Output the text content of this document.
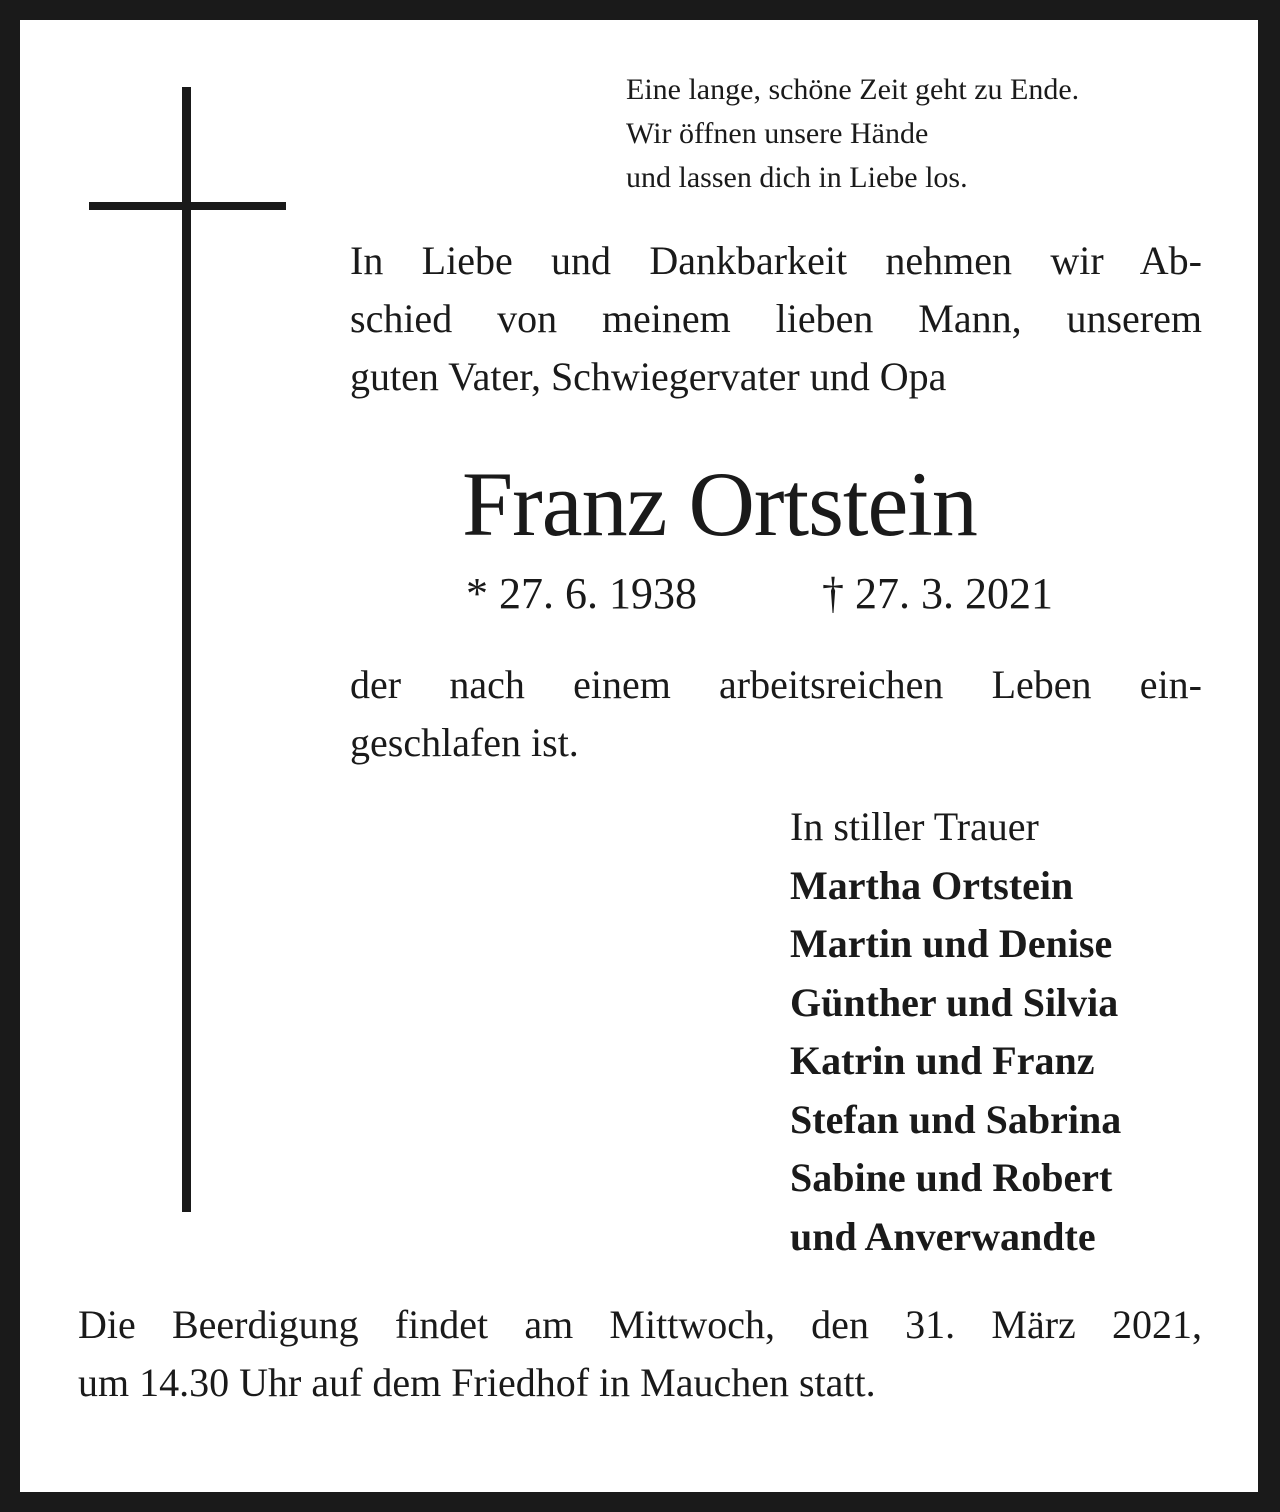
Eine lange, schöne Zeit geht zu Ende.
Wir öffnen unsere Hände
und lassen dich in Liebe los.
In Liebe und Dankbarkeit nehmen wir Ab-
schied von meinem lieben Mann, unserem
guten Vater, Schwiegervater und Opa
Franz Ortstein
* 27. 6. 1938	† 27. 3. 2021
der nach einem arbeitsreichen Leben ein-
geschlafen ist.
In stiller Trauer
Martha Ortstein
Martin und Denise
Günther und Silvia
Katrin und Franz
Stefan und Sabrina
Sabine und Robert
und Anverwandte
Die Beerdigung findet am Mittwoch, den 31. März 2021,
um 14.30 Uhr auf dem Friedhof in Mauchen statt.
